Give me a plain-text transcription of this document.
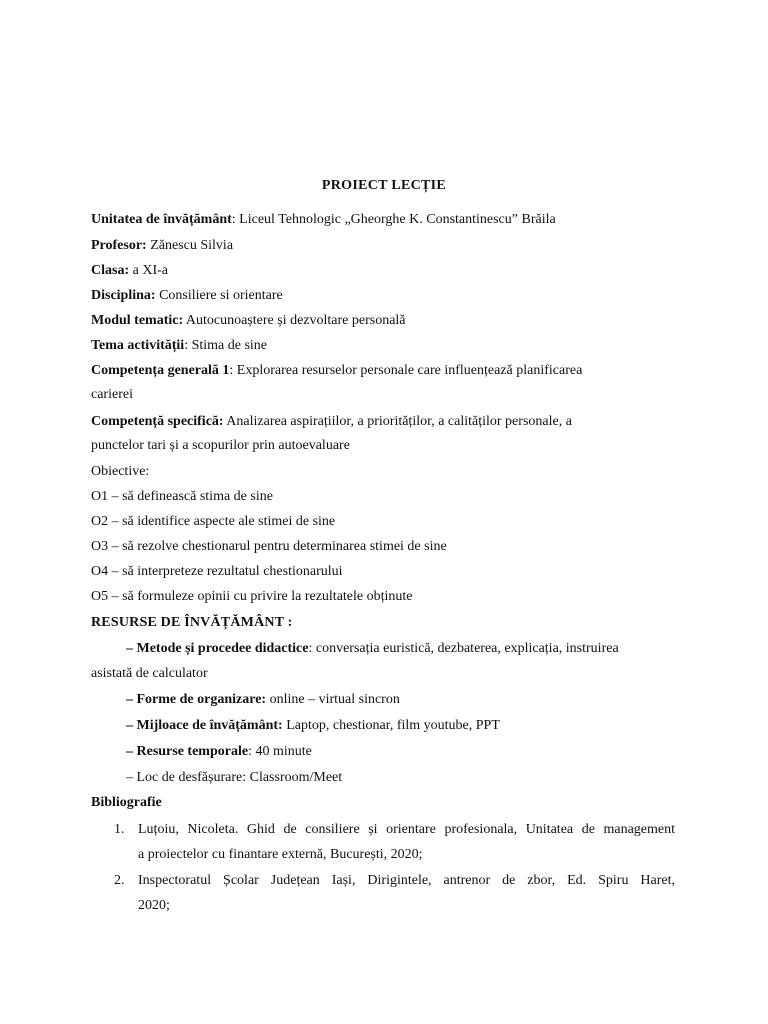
PROIECT LECȚIE
Unitatea de învățământ: Liceul Tehnologic „Gheorghe K. Constantinescu” Brăila
Profesor: Zănescu Silvia
Clasa: a XI-a
Disciplina: Consiliere si orientare
Modul tematic: Autocunoaștere și dezvoltare personală
Tema activității: Stima de sine
Competența generală 1: Explorarea resurselor personale care influențează planificarea
carierei
Competență specifică: Analizarea aspirațiilor, a priorităților, a calităților personale, a
punctelor tari și a scopurilor prin autoevaluare
Obiective:
O1 – să definească stima de sine
O2 – să identifice aspecte ale stimei de sine
O3 – să rezolve chestionarul pentru determinarea stimei de sine
O4 – să interpreteze rezultatul chestionarului
O5 – să formuleze opinii cu privire la rezultatele obținute
RESURSE DE ÎNVĂȚĂMÂNT :
– Metode și procedee didactice: conversația euristică, dezbaterea, explicația, instruirea
asistată de calculator
– Forme de organizare: online – virtual sincron
– Mijloace de învățământ: Laptop, chestionar, film youtube, PPT
– Resurse temporale: 40 minute
– Loc de desfășurare: Classroom/Meet
Bibliografie
1. Luțoiu, Nicoleta. Ghid de consiliere și orientare profesionala, Unitatea de management
a proiectelor cu finantare externă, București, 2020;
2. Inspectoratul Școlar Județean Iași, Dirigintele, antrenor de zbor, Ed. Spiru Haret,
2020;
